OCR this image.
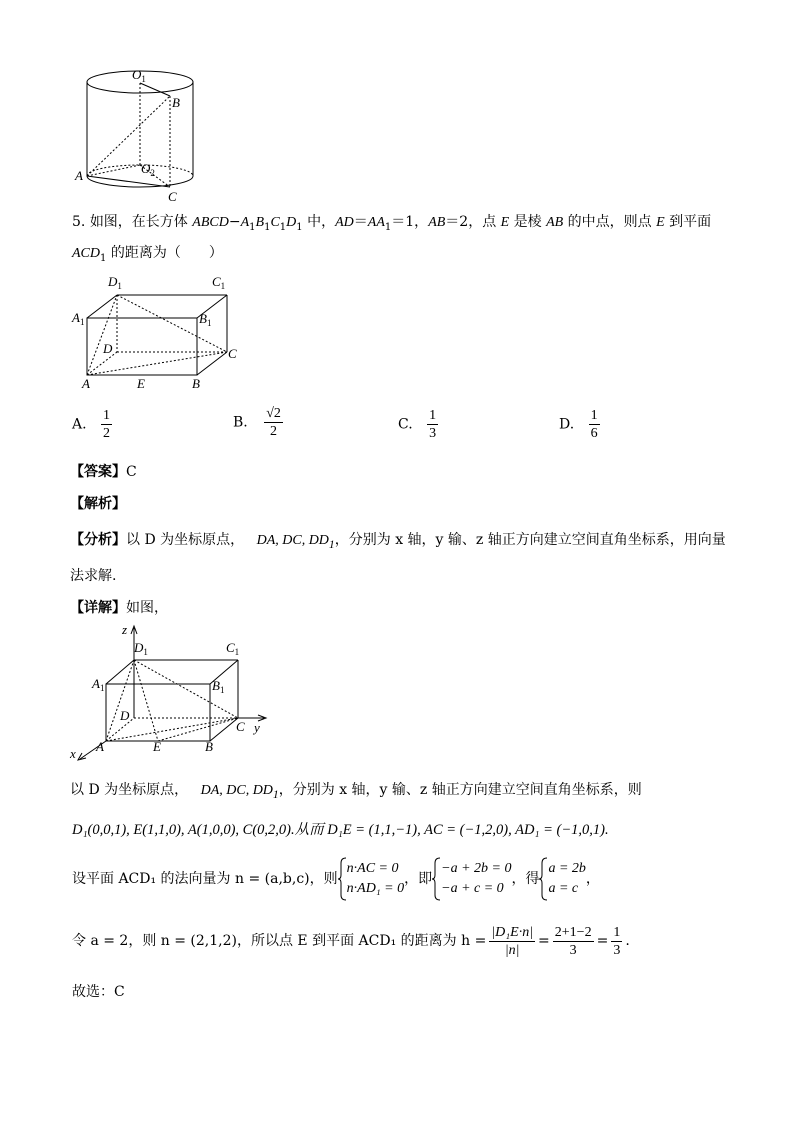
$O_1$
B
A	$O_2$
C
5. 如图，在长方体 $ABCD-A_1B_1C_1D_1$ 中，$AD=AA_1=1$，AB＝2，点 E 是棱 AB 的中点，则点 E 到平面
$ACD_1$ 的距离为（　　）
$D_1$	$C_1$
$A_1$	$B_1$
D	C
A	E	B
A. $\frac{1}{2}$	B. $\frac{√2}{2}$	C. $\frac{1}{3}$	D. $\frac{1}{6}$
【答案】C
【解析】
【分析】以 D 为坐标原点， DA, DC, $DD_1$，分别为 x 轴，y 输、z 轴正方向建立空间直角坐标系，用向量
法求解.
【详解】如图，
z
y
x
$D_1$	$C_1$
$A_1$	$B_1$
D
C
A	E	B
以 D 为坐标原点， DA, DC, $DD_1$，分别为 x 轴，y 输、z 轴正方向建立空间直角坐标系，则
D₁(0,0,1), E(1,1,0), A(1,0,0), C(0,2,0).从而 D₁E = (1,1,−1), AC = (−1,2,0), AD₁ = (−1,0,1).
设平面 ACD₁ 的法向量为 n = (a,b,c)，则
n·AC = 0
n·AD₁ = 0
，即
−a + 2b = 0
−a + c = 0
，得
a = 2b
a = c
，
令 a = 2，则 n = (2,1,2)，所以点 E 到平面 ACD₁ 的距离为 $h = \frac{\text{|D₁E·n|}}{|n|} = \frac{2+1-2}{3} = \frac{1}{3}$ .
故选：C
